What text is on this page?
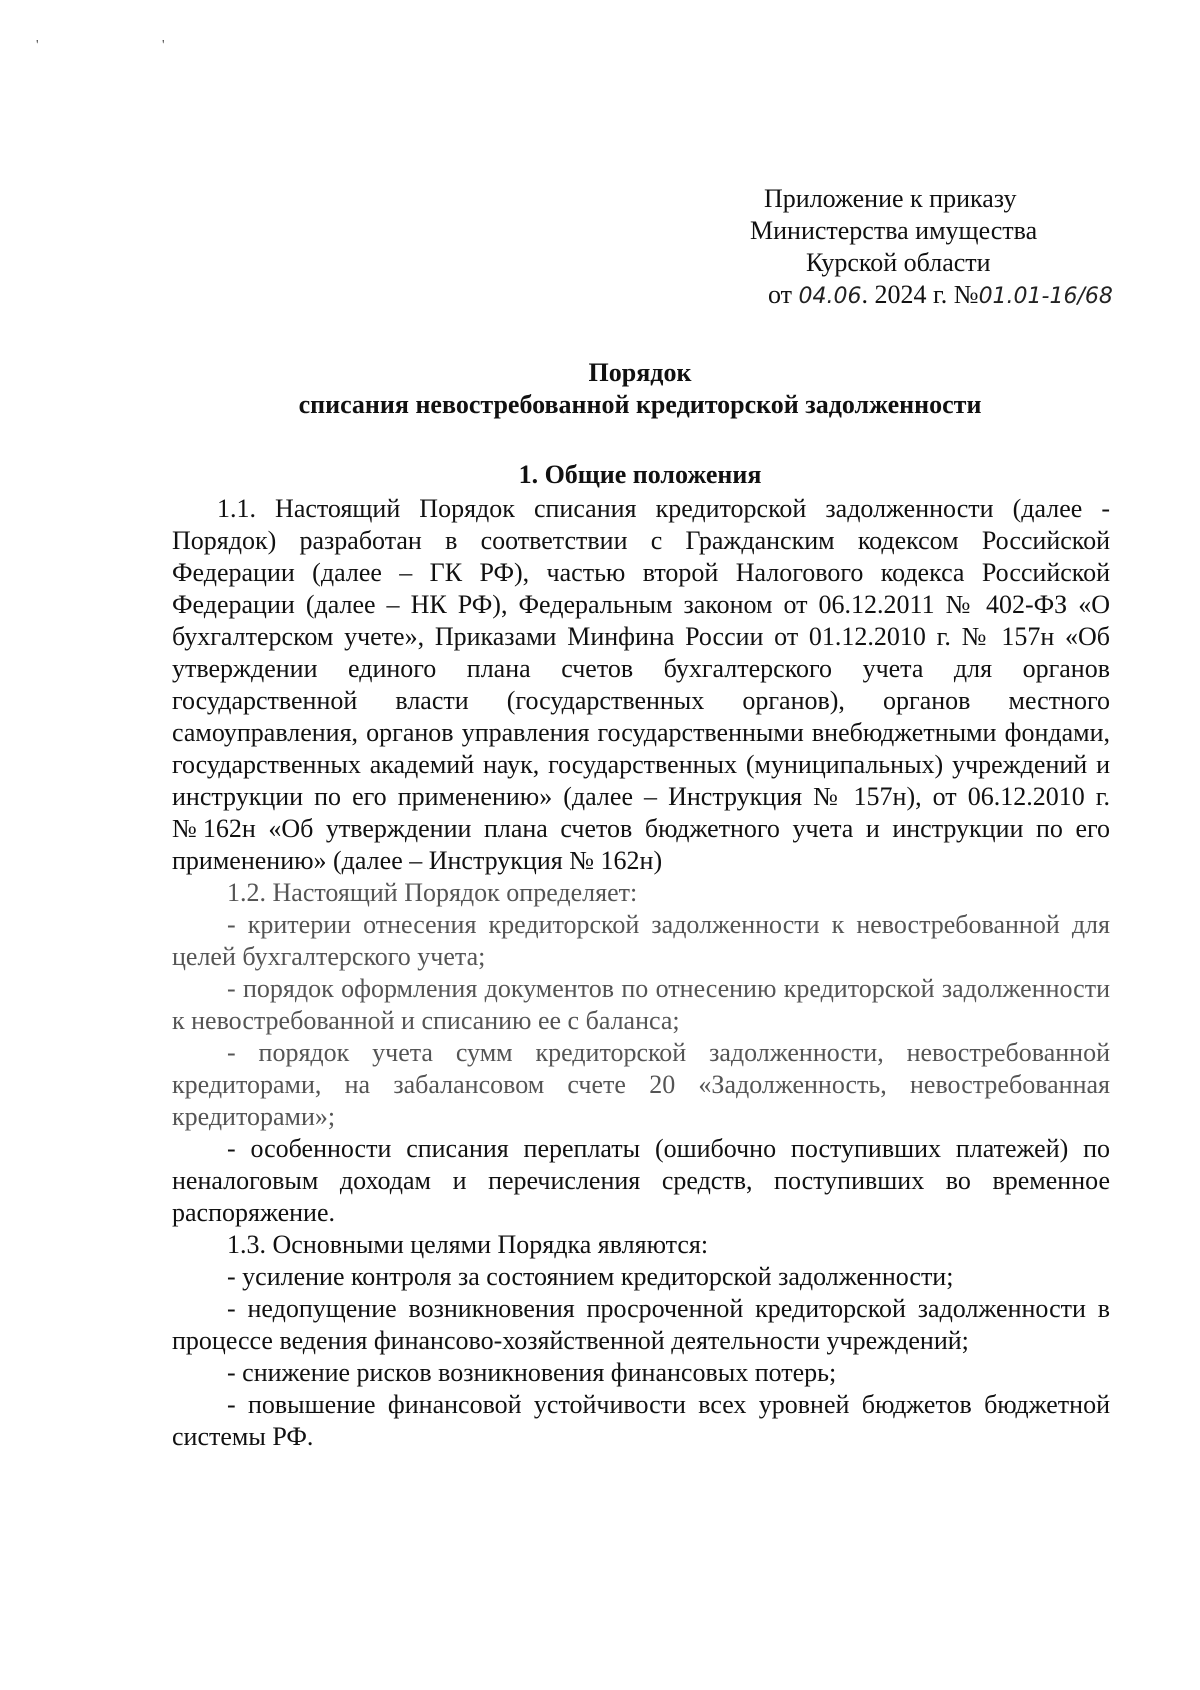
' '
Приложение к приказу
Министерства имущества
Курской области
от 04.06. 2024 г. №01.01-16/68
Порядок
списания невостребованной кредиторской задолженности
1. Общие положения

1.1. Настоящий Порядок списания кредиторской задолженности (далее - Порядок) разработан в соответствии с Гражданским кодексом Российской Федерации (далее – ГК РФ), частью второй Налогового кодекса Российской Федерации (далее – НК РФ), Федеральным законом от 06.12.2011 № 402-ФЗ «О бухгалтерском учете», Приказами Минфина России от 01.12.2010 г. № 157н «Об утверждении единого плана счетов бухгалтерского учета для органов государственной власти (государственных органов), органов местного самоуправления, органов управления государственными внебюджетными фондами, государственных академий наук, государственных (муниципальных) учреждений и инструкции по его применению» (далее – Инструкция № 157н), от 06.12.2010 г. №162н «Об утверждении плана счетов бюджетного учета и инструкции по его применению» (далее – Инструкция № 162н)

1.2. Настоящий Порядок определяет:

- критерии отнесения кредиторской задолженности к невостребованной для целей бухгалтерского учета;

- порядок оформления документов по отнесению кредиторской задолженности к невостребованной и списанию ее с баланса;

- порядок учета сумм кредиторской задолженности, невостребованной кредиторами, на забалансовом счете 20 «Задолженность, невостребованная кредиторами»;

- особенности списания переплаты (ошибочно поступивших платежей) по неналоговым доходам и перечисления средств, поступивших во временное распоряжение.

1.3. Основными целями Порядка являются:

- усиление контроля за состоянием кредиторской задолженности;

- недопущение возникновения просроченной кредиторской задолженности в процессе ведения финансово-хозяйственной деятельности учреждений;

- снижение рисков возникновения финансовых потерь;

- повышение финансовой устойчивости всех уровней бюджетов бюджетной системы РФ.
